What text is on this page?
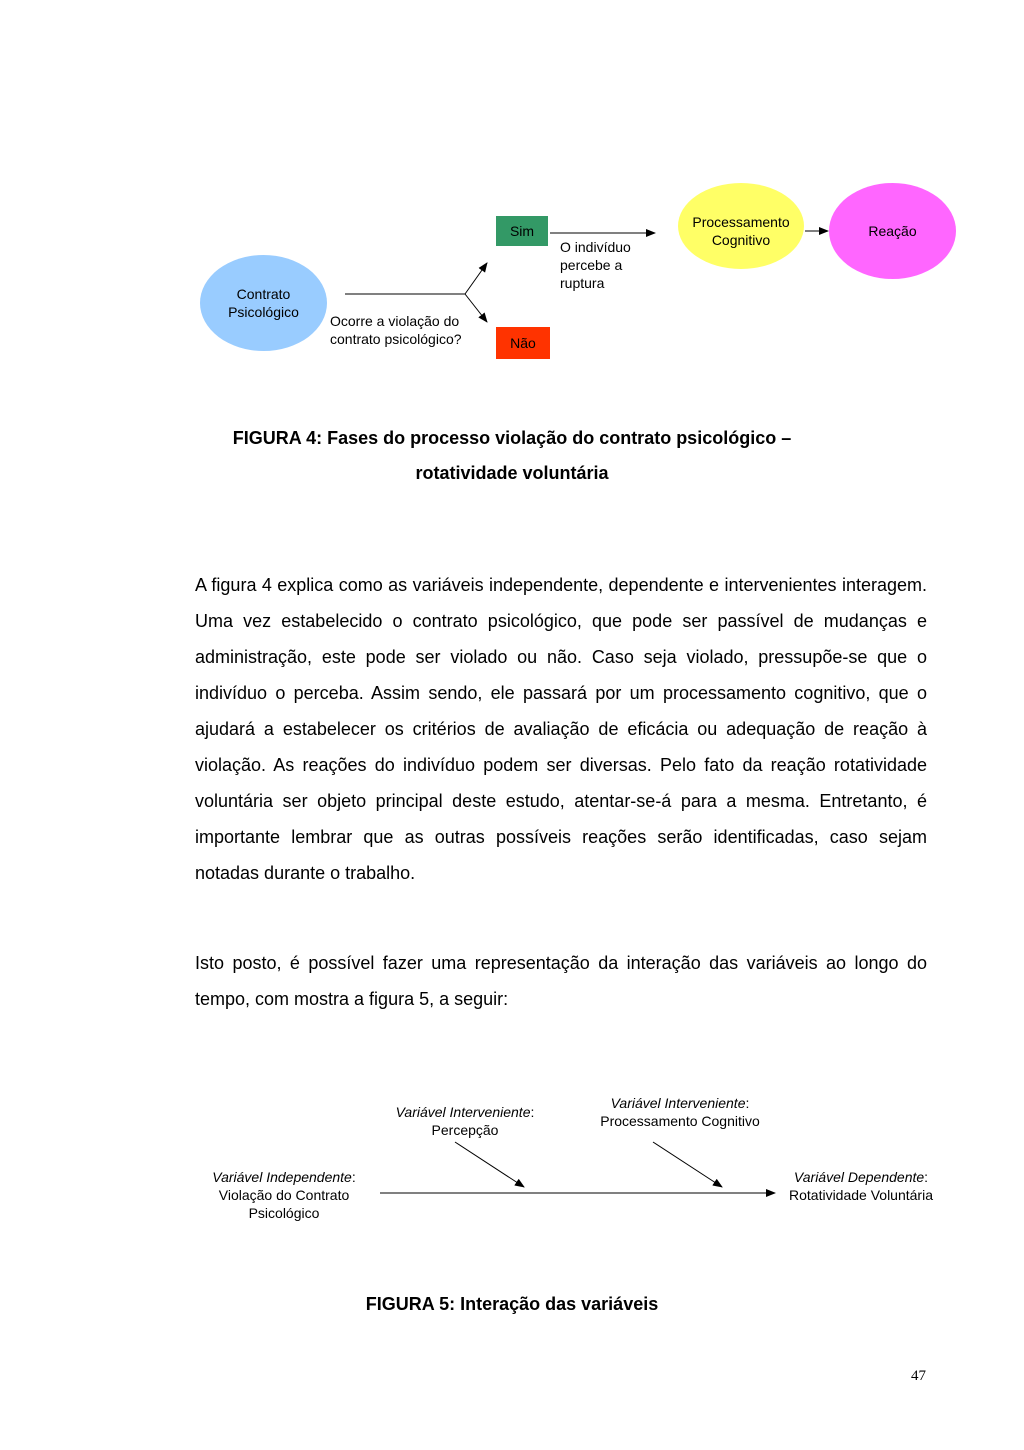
Contrato Psicológico
Ocorre a violação do contrato psicológico?
Sim
Não
O indivíduo percebe a ruptura
Processamento Cognitivo
Reação
FIGURA 4: Fases do processo violação do contrato psicológico –
rotatividade voluntária

A figura 4 explica como as variáveis independente, dependente e intervenientes interagem. Uma vez estabelecido o contrato psicológico, que pode ser passível de mudanças e administração, este pode ser violado ou não. Caso seja violado, pressupõe-se que o indivíduo o perceba. Assim sendo, ele passará por um processamento cognitivo, que o ajudará a estabelecer os critérios de avaliação de eficácia ou adequação de reação à violação. As reações do indivíduo podem ser diversas. Pelo fato da reação rotatividade voluntária ser objeto principal deste estudo, atentar-se-á para a mesma. Entretanto, é importante lembrar que as outras possíveis reações serão identificadas, caso sejam notadas durante o trabalho.

Isto posto, é possível fazer uma representação da interação das variáveis ao longo do tempo, com mostra a figura 5, a seguir:

Variável Independente:
Violação do Contrato Psicológico
Variável Interveniente:
Percepção
Variável Interveniente:
Processamento Cognitivo
Variável Dependente:
Rotatividade Voluntária
FIGURA 5: Interação das variáveis
47
